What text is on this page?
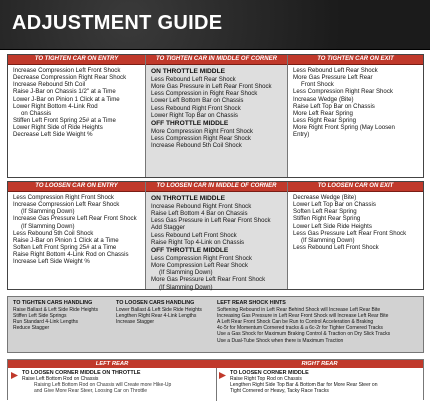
ADJUSTMENT GUIDE
TO TIGHTEN CAR ON ENTRY
Increase Compression Left Front Shock
Decrease Compression Right Rear Shock
Increase Rebound 5th Coil
Raise J-Bar on Chassis 1/2" at a Time
Lower J-Bar on Pinion 1 Click at a Time
Lower Right Bottom 4-Link Rod
on Chassis
Stiffen Left Front Spring 25# at a Time
Lower Right Side of Ride Heights
Decrease Left Side Weight %
TO TIGHTEN CAR IN MIDDLE OF CORNER
ON THROTTLE MIDDLE
Less Rebound Left Rear Shock
More Gas Pressure in Left Rear Front Shock
Less Compression in Right Rear Shock
Lower Left Bottom Bar on Chassis
Less Rebound Right Front Shock
Lower Right Top Bar on Chassis
OFF THROTTLE MIDDLE
More Compression Right Front Shock
Less Compression Right Rear Shock
Increase Rebound 5th Coil Shock
TO TIGHTEN CAR ON EXIT
Less Rebound Left Rear Shock
More Gas Pressure Left Rear
Front Shock
Less Compression Right Rear Shock
Increase Wedge (Bite)
Raise Left Top Bar on Chassis
More Left Rear Spring
Less Right Rear Spring
More Right Front Spring (May Loosen
Entry)
TO LOOSEN CAR ON ENTRY
Less Compression Right Front Shock
Increase Compression Left Rear Shock
(If Slamming Down)
Increase Gas Pressure Left Rear Front Shock
(If Slamming Down)
Less Rebound 5th Coil Shock
Raise J-Bar on Pinion 1 Click at a Time
Soften Left Front Spring 25# at a Time
Raise Right Bottom 4-Link Rod on Chassis
Increase Left Side Weight %
TO LOOSEN CAR IN MIDDLE OF CORNER
ON THROTTLE MIDDLE
Increase Rebound Right Front Shock
Raise Left Bottom 4 Bar on Chassis
Less Gas Pressure in Left Rear Front Shock
Add Stagger
Less Rebound Left Front Shock
Raise Right Top 4-Link on Chassis
OFF THROTTLE MIDDLE
Less Compression Right Front Shock
More Compression Left Rear Shock
(If Slamming Down)
More Gas Pressure Left Rear Front Shock
(If Slamming Down)
TO LOOSEN CAR ON EXIT
Decrease Wedge (Bite)
Lower Left Top Bar on Chassis
Soften Left Rear Spring
Stiffen Right Rear Spring
Lower Left Side Ride Heights
Less Gas Pressure Left Rear Front Shock
(If Slamming Down)
Less Rebound Left Front Shock
TO TIGHTEN CARS HANDLING
Raise Ballast & Left Side Ride Heights
Stiffen Left Side Springs
Run Standard 4-Link Lengths
Reduce Stagger
TO LOOSEN CARS HANDLING
Lower Ballast & Left Side Ride Heights
Lengthen Right Rear 4-Link Lengths
Increase Stagger
LEFT REAR SHOCK HINTS
Softening Rebound in Left Rear Behind Shock will Increase Left Rear Bite
Increasing Gas Pressure in Left Rear Front Shock will Increase Left Rear Bite
A Left Rear Front Shock Can be Run to Control Acceleration & Braking
4c-5r for Momentum Cornered tracks & a 6c-2r for Tighter Cornered Tracks
Use a Gas Shock for Maximum Braking Control & Traction on Dry Slick Tracks
Use a Dual-Tube Shock when there is Maximum Traction
LEFT REAR
TO LOOSEN CORNER MIDDLE ON THROTTLE
Raise Left Bottom Rod on Chassis
Raising Left Bottom Rod on Chassis will Create more Hike-Up
and Give More Rear Steer, Loosing Car on Throttle
RIGHT REAR
TO LOOSEN CORNER MIDDLE
Raise Right Top Rod on Chassis
Lengthen Right Side Top Bar & Bottom Bar for More Rear Steer on
Tight Cornered or Heavy, Tacky Race Tracks
